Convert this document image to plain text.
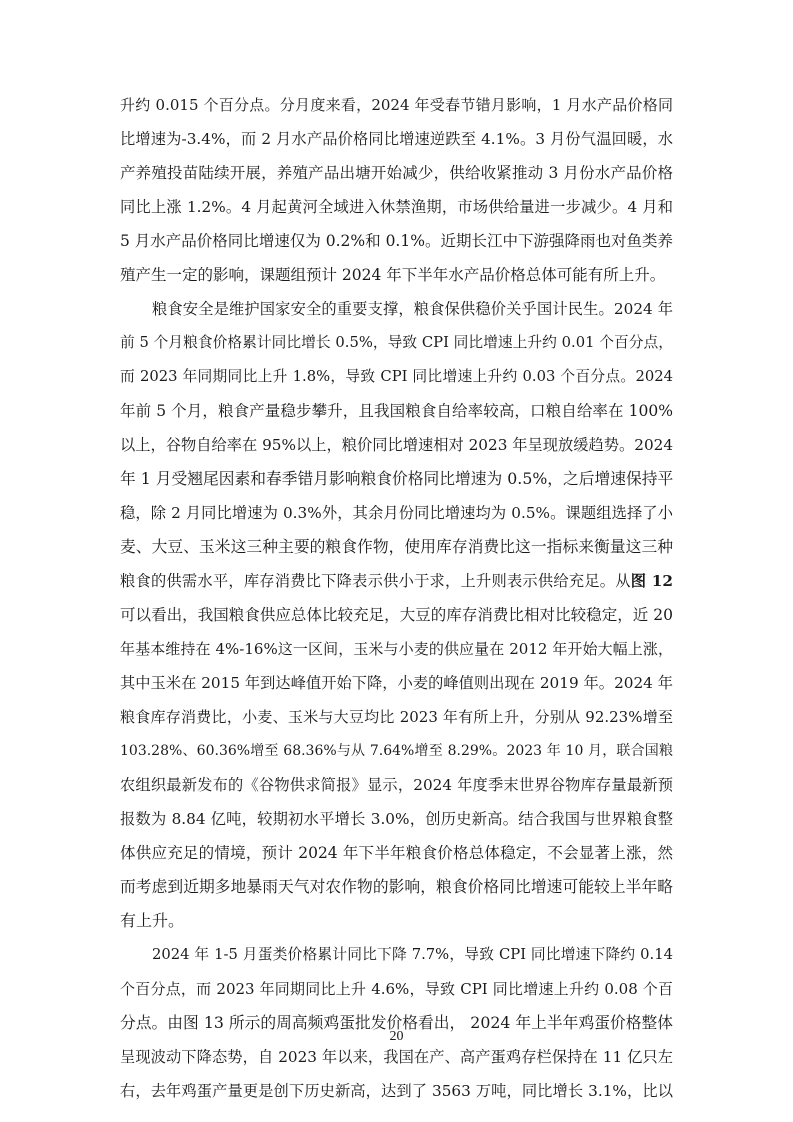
升约 0.015 个百分点。分月度来看，2024 年受春节错月影响，1 月水产品价格同

比增速为-3.4%，而 2 月水产品价格同比增速逆跌至 4.1%。3 月份气温回暖，水

产养殖投苗陆续开展，养殖产品出塘开始减少，供给收紧推动 3 月份水产品价格

同比上涨 1.2%。4 月起黄河全域进入休禁渔期，市场供给量进一步减少。4 月和

5 月水产品价格同比增速仅为 0.2%和 0.1%。近期长江中下游强降雨也对鱼类养

殖产生一定的影响，课题组预计 2024 年下半年水产品价格总体可能有所上升。

粮食安全是维护国家安全的重要支撑，粮食保供稳价关乎国计民生。2024 年

前 5 个月粮食价格累计同比增长 0.5%，导致 CPI 同比增速上升约 0.01 个百分点，

而 2023 年同期同比上升 1.8%，导致 CPI 同比增速上升约 0.03 个百分点。2024

年前 5 个月，粮食产量稳步攀升，且我国粮食自给率较高，口粮自给率在 100%

以上，谷物自给率在 95%以上，粮价同比增速相对 2023 年呈现放缓趋势。2024

年 1 月受翘尾因素和春季错月影响粮食价格同比增速为 0.5%，之后增速保持平

稳，除 2 月同比增速为 0.3%外，其余月份同比增速均为 0.5%。课题组选择了小

麦、大豆、玉米这三种主要的粮食作物，使用库存消费比这一指标来衡量这三种

粮食的供需水平，库存消费比下降表示供小于求，上升则表示供给充足。从图 12

可以看出，我国粮食供应总体比较充足，大豆的库存消费比相对比较稳定，近 20

年基本维持在 4%-16%这一区间，玉米与小麦的供应量在 2012 年开始大幅上涨，

其中玉米在 2015 年到达峰值开始下降，小麦的峰值则出现在 2019 年。2024 年

粮食库存消费比，小麦、玉米与大豆均比 2023 年有所上升，分别从 92.23%增至

103.28%、60.36%增至 68.36%与从 7.64%增至 8.29%。2023 年 10 月，联合国粮

农组织最新发布的《谷物供求简报》显示，2024 年度季末世界谷物库存量最新预

报数为 8.84 亿吨，较期初水平增长 3.0%，创历史新高。结合我国与世界粮食整

体供应充足的情境，预计 2024 年下半年粮食价格总体稳定，不会显著上涨，然

而考虑到近期多地暴雨天气对农作物的影响，粮食价格同比增速可能较上半年略

有上升。

2024 年 1-5 月蛋类价格累计同比下降 7.7%，导致 CPI 同比增速下降约 0.14

个百分点，而 2023 年同期同比上升 4.6%，导致 CPI 同比增速上升约 0.08 个百

分点。由图 13 所示的周高频鸡蛋批发价格看出， 2024 年上半年鸡蛋价格整体

呈现波动下降态势，自 2023 年以来，我国在产、高产蛋鸡存栏保持在 11 亿只左

右，去年鸡蛋产量更是创下历史新高，达到了 3563 万吨，同比增长 3.1%，比以

20
